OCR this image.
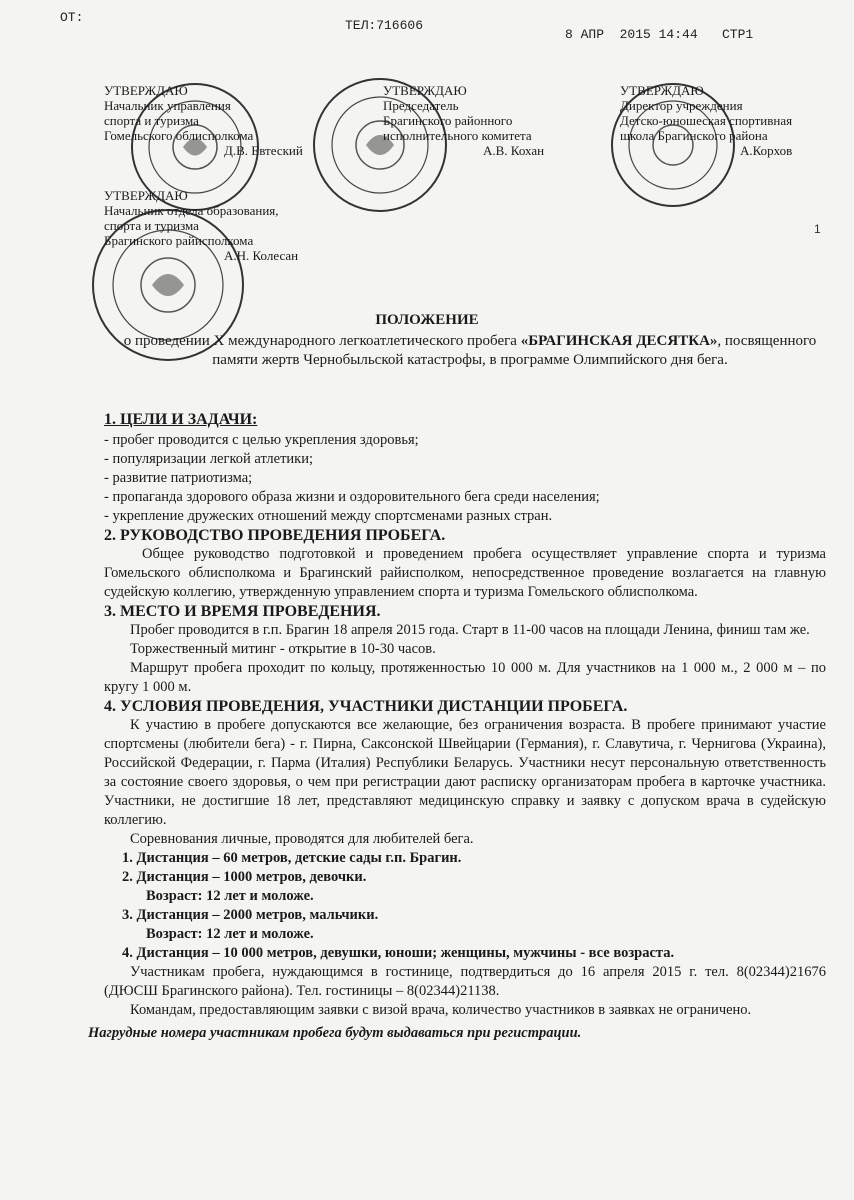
ОТ:
ТЕЛ:716606
8 АПР  2015 14:44 СТР1
УТВЕРЖДАЮ
Начальник управления
спорта и туризма
Гомельского облисполкома
Д.В. Евтеский
УТВЕРЖДАЮ
Председатель
Брагинского районного
исполнительного комитета
А.В. Кохан
УТВЕРЖДАЮ
Директор учреждения
Детско-юношеская спортивная
школа Брагинского района
А.Корхов
УТВЕРЖДАЮ
Начальник отдела образования,
спорта и туризма
Брагинского райисполкома
А.Н. Колесан
1
ПОЛОЖЕНИЕ
о проведении X международного легкоатлетического пробега «БРАГИНСКАЯ ДЕСЯТКА», посвященного памяти жертв Чернобыльской катастрофы, в программе Олимпийского дня бега.

1. ЦЕЛИ И ЗАДАЧИ:

- пробег проводится с целью укрепления здоровья;

- популяризации легкой атлетики;

- развитие патриотизма;

- пропаганда здорового образа жизни и оздоровительного бега среди населения;

- укрепление дружеских отношений между спортсменами разных стран.

2. РУКОВОДСТВО ПРОВЕДЕНИЯ ПРОБЕГА.

Общее руководство подготовкой и проведением пробега осуществляет управление спорта и туризма Гомельского облисполкома и Брагинский райисполком, непосредственное проведение возлагается на главную судейскую коллегию, утвержденную управлением спорта и туризма Гомельского облисполкома.

3. МЕСТО И ВРЕМЯ ПРОВЕДЕНИЯ.

Пробег проводится в г.п. Брагин 18 апреля 2015 года. Старт в 11-00 часов на площади Ленина, финиш там же.

Торжественный митинг - открытие в 10-30 часов.

Маршрут пробега проходит по кольцу, протяженностью 10 000 м. Для участников на 1 000 м., 2 000 м – по кругу 1 000 м.

4. УСЛОВИЯ ПРОВЕДЕНИЯ, УЧАСТНИКИ ДИСТАНЦИИ ПРОБЕГА.

К участию в пробеге допускаются все желающие, без ограничения возраста. В пробеге принимают участие спортсмены (любители бега) - г. Пирна, Саксонской Швейцарии (Германия), г. Славутича, г. Чернигова (Украина), Российской Федерации, г. Парма (Италия) Республики Беларусь. Участники несут персональную ответственность за состояние своего здоровья, о чем при регистрации дают расписку организаторам пробега в карточке участника. Участники, не достигшие 18 лет, представляют медицинскую справку и заявку с допуском врача в судейскую коллегию.

Соревнования личные, проводятся для любителей бега.

1. Дистанция – 60 метров, детские сады г.п. Брагин.
2. Дистанция – 1000 метров, девочки.
Возраст: 12 лет и моложе.
3. Дистанция – 2000 метров, мальчики.
Возраст: 12 лет и моложе.
4. Дистанция – 10 000 метров, девушки, юноши; женщины, мужчины - все возраста.

Участникам пробега, нуждающимся в гостинице, подтвердиться до 16 апреля 2015 г. тел. 8(02344)21676 (ДЮСШ Брагинского района). Тел. гостиницы – 8(02344)21138.

Командам, предоставляющим заявки с визой врача, количество участников в заявках не ограничено.

Нагрудные номера участникам пробега будут выдаваться при регистрации.
